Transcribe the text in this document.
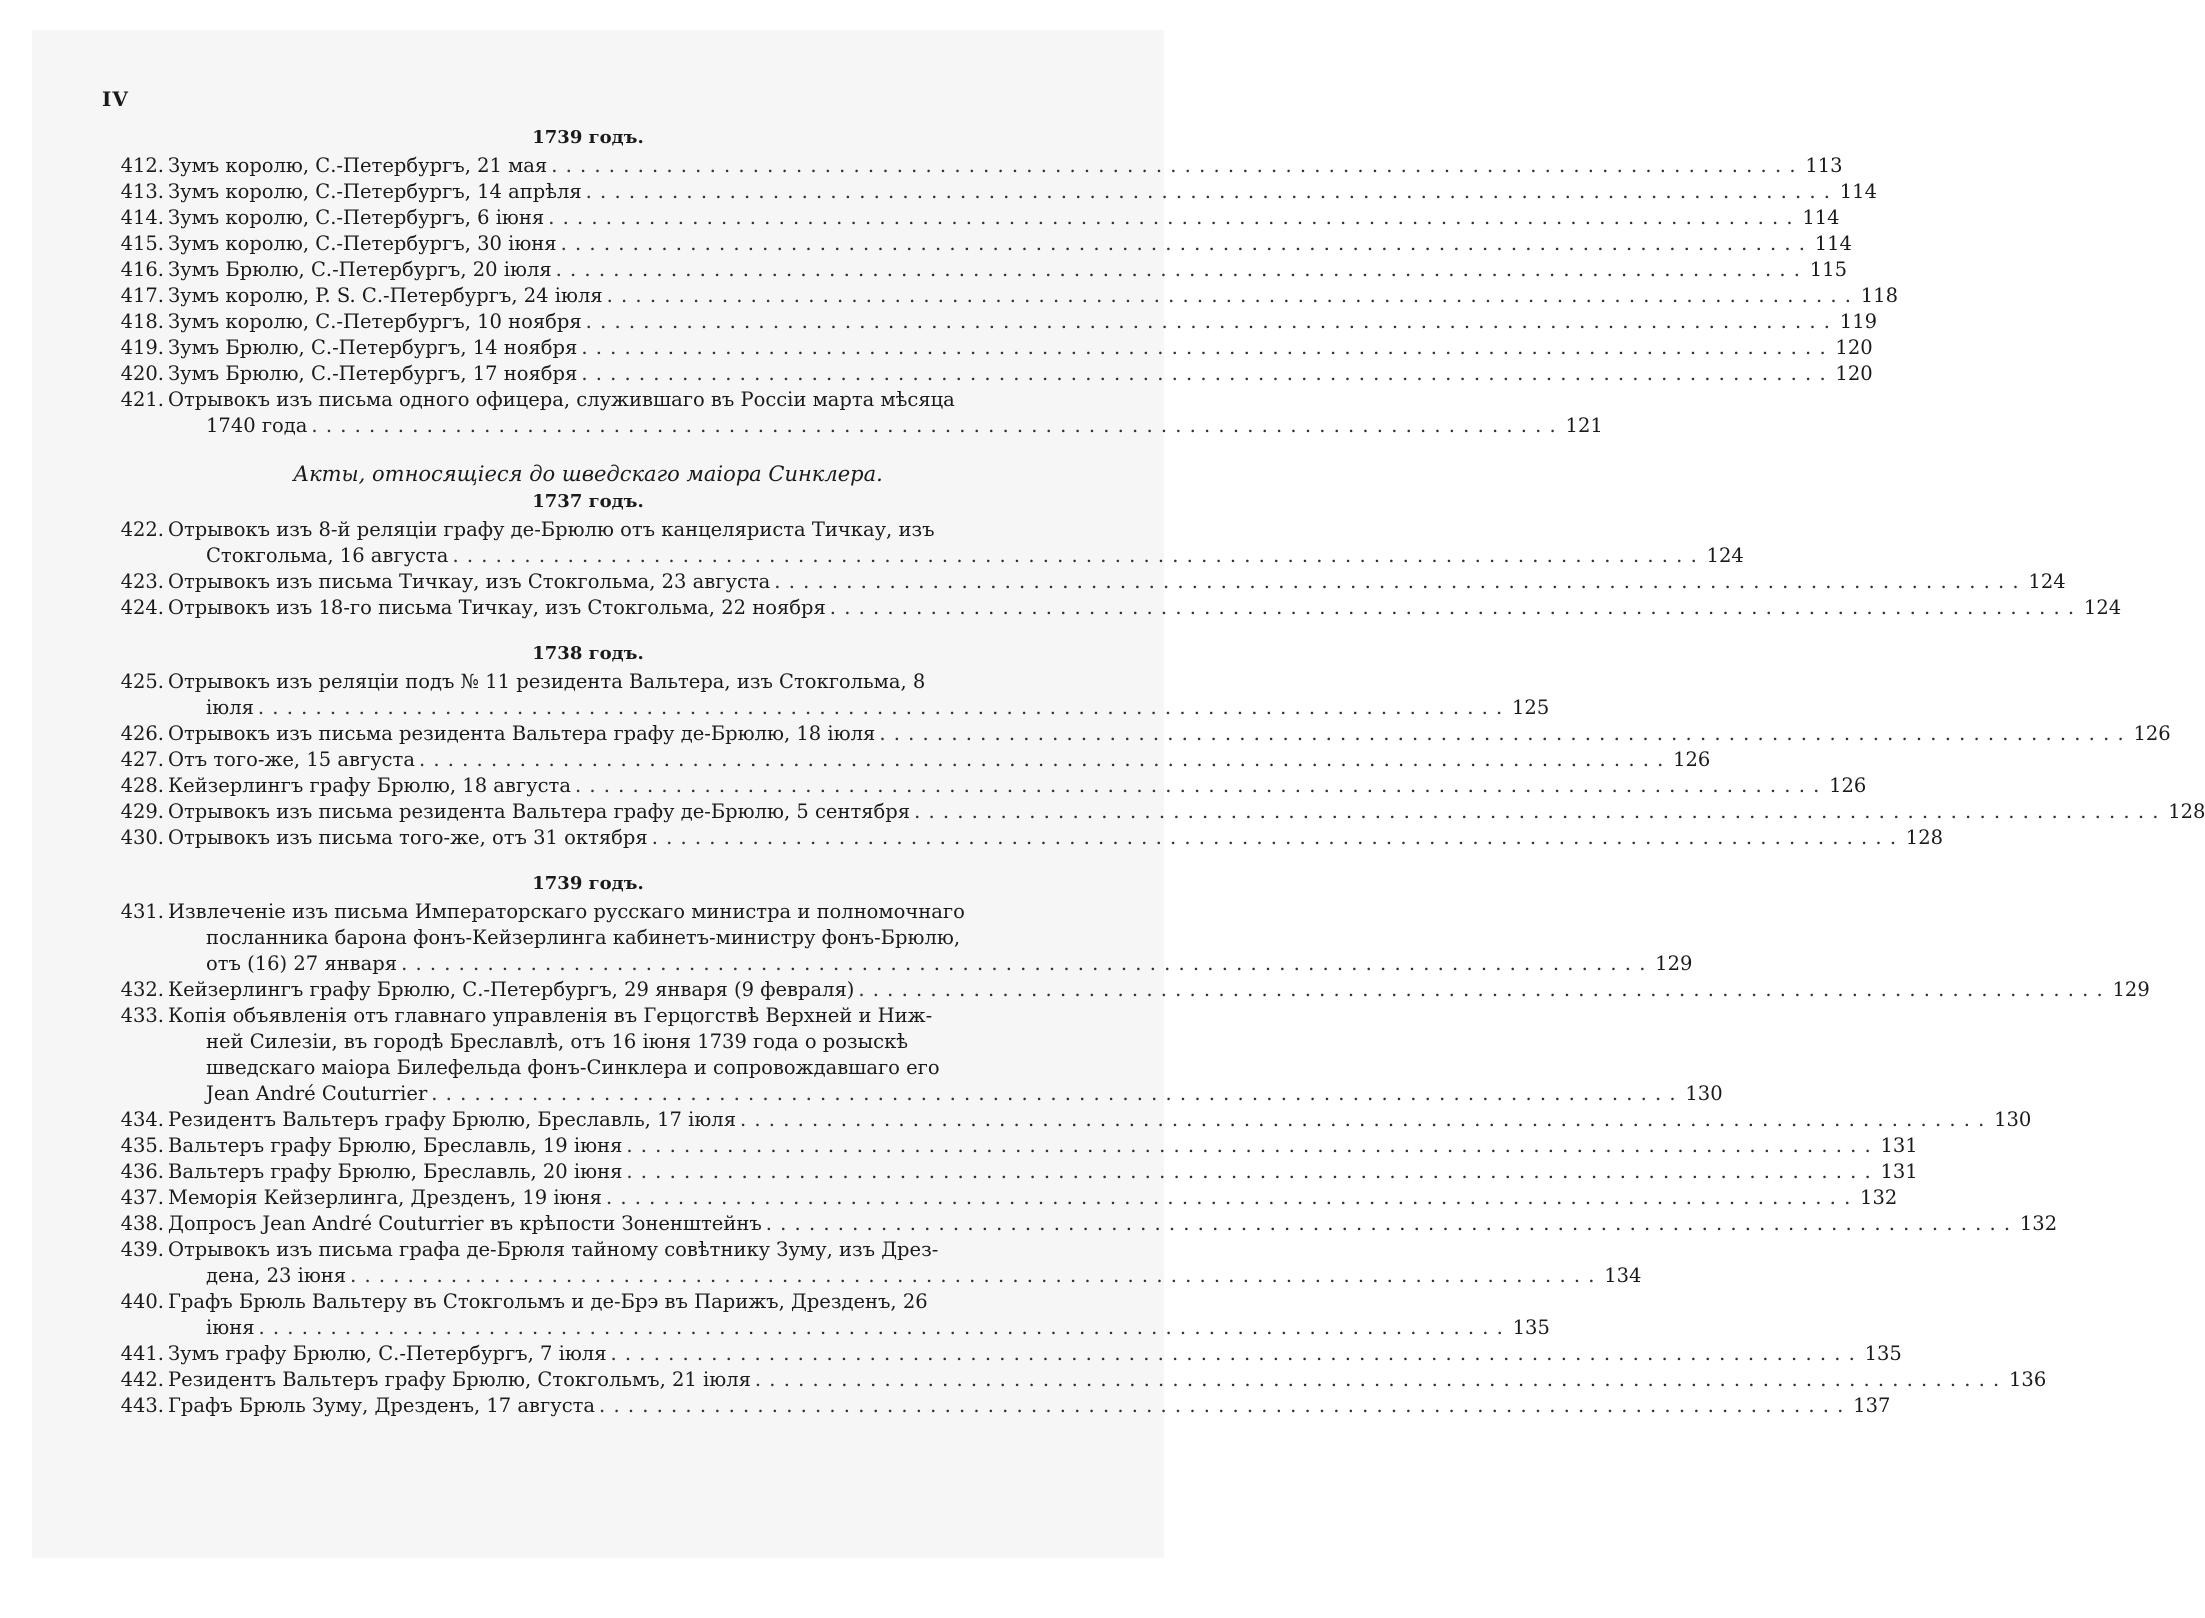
IV
1739 годъ.
412. Зумъ королю, С.-Петербургъ, 21 мая . . .	113
413. Зумъ королю, С.-Петербургъ, 14 апрѣля . . .	114
414. Зумъ королю, С.-Петербургъ, 6 іюня . . .	114
415. Зумъ королю, С.-Петербургъ, 30 іюня . . .	114
416. Зумъ Брюлю, С.-Петербургъ, 20 іюля . . .	115
417. Зумъ королю, P. S. С.-Петербургъ, 24 іюля . . .	118
418. Зумъ королю, С.-Петербургъ, 10 ноября . . .	119
419. Зумъ Брюлю, С.-Петербургъ, 14 ноября . . .	120
420. Зумъ Брюлю, С.-Петербургъ, 17 ноября . . .	120
421. Отрывокъ изъ письма одного офицера, служившаго въ Россіи марта мѣсяца
1740 года . . .	121
Акты, относящіеся до шведскаго маіора Синклера.
1737 годъ.
422. Отрывокъ изъ 8-й реляціи графу де-Брюлю отъ канцеляриста Тичкау, изъ
Стокгольма, 16 августа . . .	124
423. Отрывокъ изъ письма Тичкау, изъ Стокгольма, 23 августа . . .	124
424. Отрывокъ изъ 18-го письма Тичкау, изъ Стокгольма, 22 ноября . . .	124
1738 годъ.
425. Отрывокъ изъ реляціи подъ № 11 резидента Вальтера, изъ Стокгольма, 8
іюля . . .	125
426. Отрывокъ изъ письма резидента Вальтера графу де-Брюлю, 18 іюля . . .	126
427. Отъ того-же, 15 августа . . .	126
428. Кейзерлингъ графу Брюлю, 18 августа . . .	126
429. Отрывокъ изъ письма резидента Вальтера графу де-Брюлю, 5 сентября . . .	128
430. Отрывокъ изъ письма того-же, отъ 31 октября . . .	128
1739 годъ.
431. Извлеченіе изъ письма Императорскаго русскаго министра и полномочнаго
посланника барона фонъ-Кейзерлинга кабинетъ-министру фонъ-Брюлю,
отъ (16) 27 января . . .	129
432. Кейзерлингъ графу Брюлю, С.-Петербургъ, 29 января (9 февраля) . . .	129
433. Копія объявленія отъ главнаго управленія въ Герцогствѣ Верхней и Ниж-
ней Силезіи, въ городѣ Бреславлѣ, отъ 16 іюня 1739 года о розыскѣ
шведскаго маіора Билефельда фонъ-Синклера и сопровождавшаго его
Jean André Couturrier . . .	130
434. Резидентъ Вальтеръ графу Брюлю, Бреславль, 17 іюля . . .	130
435. Вальтеръ графу Брюлю, Бреславль, 19 іюня . . .	131
436. Вальтеръ графу Брюлю, Бреславль, 20 іюня . . .	131
437. Меморія Кейзерлинга, Дрезденъ, 19 іюня . . .	132
438. Допросъ Jean André Couturrier въ крѣпости Зоненштейнъ . . .	132
439. Отрывокъ изъ письма графа де-Брюля тайному совѣтнику Зуму, изъ Дрез-
дена, 23 іюня . . .	134
440. Графъ Брюль Вальтеру въ Стокгольмъ и де-Брэ въ Парижъ, Дрезденъ, 26
іюня . . .	135
441. Зумъ графу Брюлю, С.-Петербургъ, 7 іюля . . .	135
442. Резидентъ Вальтеръ графу Брюлю, Стокгольмъ, 21 іюля . . .	136
443. Графъ Брюль Зуму, Дрезденъ, 17 августа . . .	137
